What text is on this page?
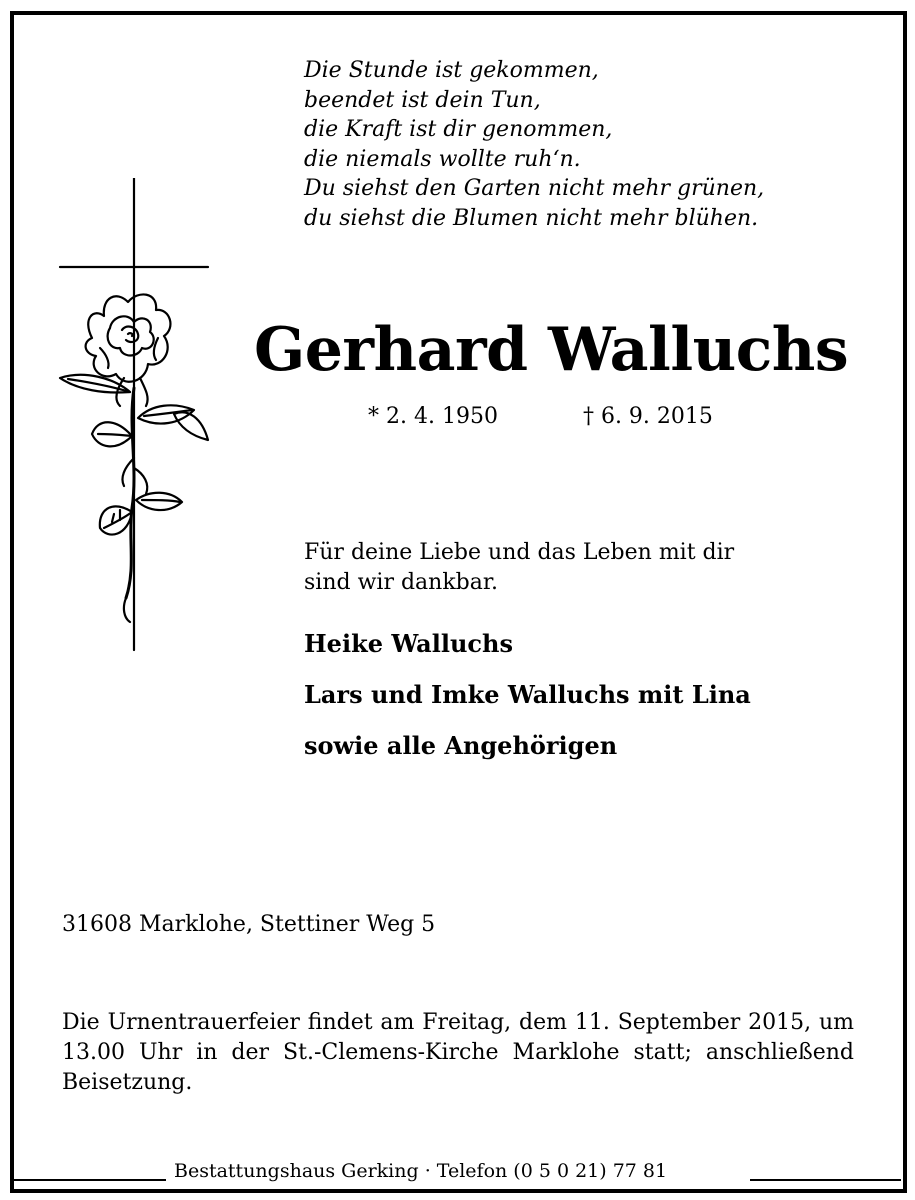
Die Stunde ist gekommen,
beendet ist dein Tun,
die Kraft ist dir genommen,
die niemals wollte ruh‘n.
Du siehst den Garten nicht mehr grünen,
du siehst die Blumen nicht mehr blühen.
Gerhard Walluchs
* 2. 4. 1950	† 6. 9. 2015
Für deine Liebe und das Leben mit dir
sind wir dankbar.
Heike Walluchs
Lars und Imke Walluchs mit Lina
sowie alle Angehörigen
31608 Marklohe, Stettiner Weg 5
Die Urnentrauerfeier findet am Freitag, dem 11. September 2015, um 13.00 Uhr in der St.-Clemens-Kirche Marklohe statt; anschließend Beisetzung.
Bestattungshaus Gerking · Telefon (0 5 0 21) 77 81
